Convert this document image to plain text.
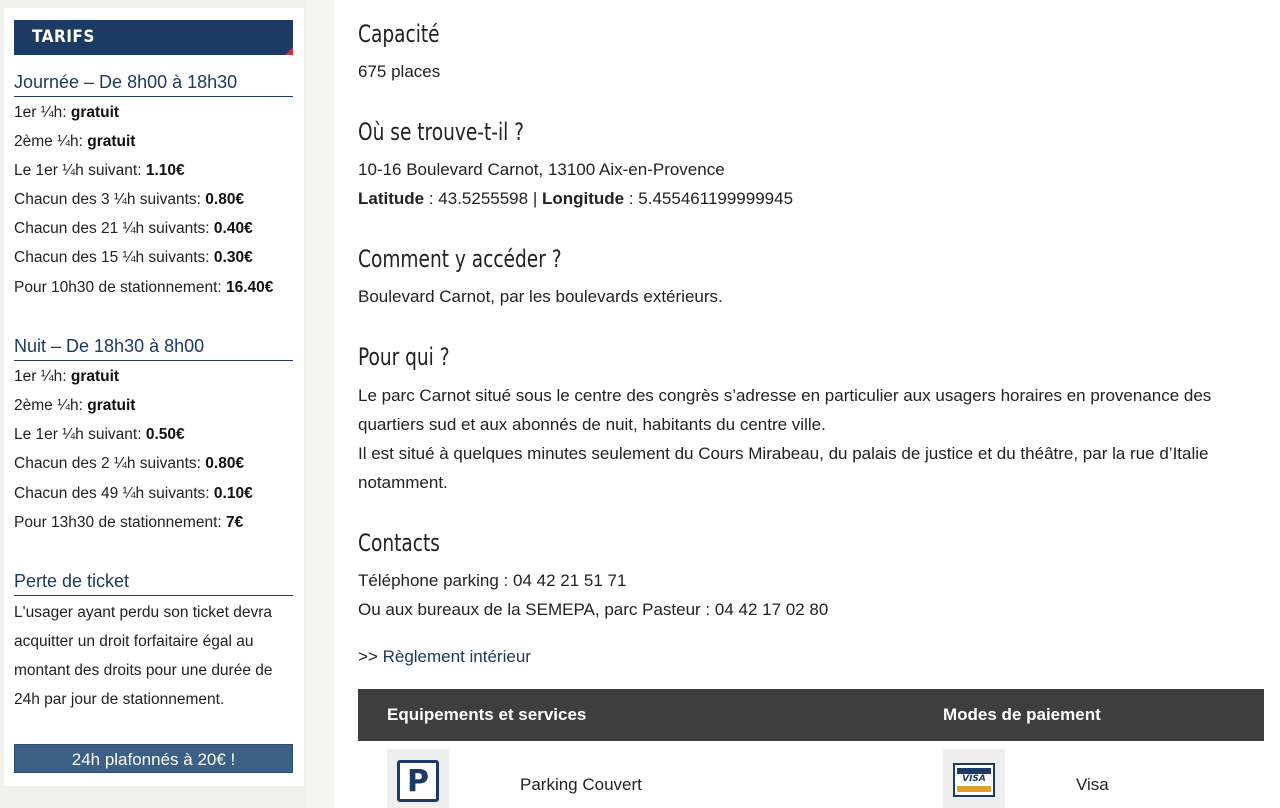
TARIFS
Journée – De 8h00 à 18h30
1er ¼h: gratuit
2ème ¼h: gratuit
Le 1er ¼h suivant: 1.10€
Chacun des 3 ¼h suivants: 0.80€
Chacun des 21 ¼h suivants: 0.40€
Chacun des 15 ¼h suivants: 0.30€
Pour 10h30 de stationnement: 16.40€
Nuit – De 18h30 à 8h00
1er ¼h: gratuit
2ème ¼h: gratuit
Le 1er ¼h suivant: 0.50€
Chacun des 2 ¼h suivants: 0.80€
Chacun des 49 ¼h suivants: 0.10€
Pour 13h30 de stationnement: 7€
Perte de ticket
L'usager ayant perdu son ticket devra acquitter un droit forfaitaire égal au montant des droits pour une durée de 24h par jour de stationnement.
24h plafonnés à 20€ !
Capacité
675 places
Où se trouve-t-il ?
10-16 Boulevard Carnot, 13100 Aix-en-Provence
Latitude : 43.5255598 | Longitude : 5.455461199999945
Comment y accéder ?
Boulevard Carnot, par les boulevards extérieurs.
Pour qui ?
Le parc Carnot situé sous le centre des congrès s’adresse en particulier aux usagers horaires en provenance des quartiers sud et aux abonnés de nuit, habitants du centre ville.
Il est situé à quelques minutes seulement du Cours Mirabeau, du palais de justice et du théâtre, par la rue d’Italie notamment.
Contacts
Téléphone parking : 04 42 21 51 71
Ou aux bureaux de la SEMEPA, parc Pasteur : 04 42 17 02 80
>> Règlement intérieur
Equipements et services	Modes de paiement
P	Parking Couvert	VISA	Visa
